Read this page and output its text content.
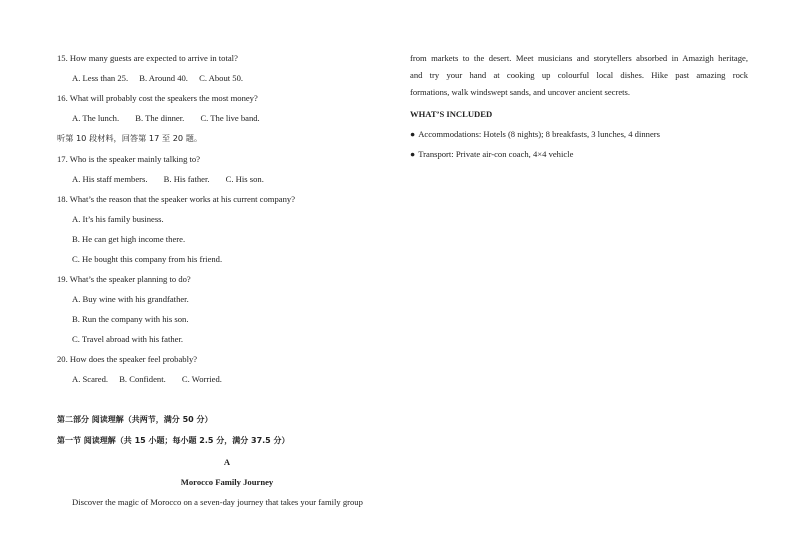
15. How many guests are expected to arrive in total?
A. Less than 25. B. Around 40. C. About 50.
16. What will probably cost the speakers the most money?
A. The lunch. B. The dinner. C. The live band.
听第 10 段材料，回答第 17 至 20 题。
17. Who is the speaker mainly talking to?
A. His staff members. B. His father. C. His son.
18. What’s the reason that the speaker works at his current company?
A. It’s his family business.
B. He can get high income there.
C. He bought this company from his friend.
19. What’s the speaker planning to do?
A. Buy wine with his grandfather.
B. Run the company with his son.
C. Travel abroad with his father.
20. How does the speaker feel probably?
A. Scared. B. Confident. C. Worried.
第二部分 阅读理解（共两节，满分 50 分）
第一节 阅读理解（共 15 小题；每小题 2.5 分，满分 37.5 分）
A
Morocco Family Journey
Discover the magic of Morocco on a seven-day journey that takes your family group
from markets to the desert. Meet musicians and storytellers absorbed in Amazigh heritage,
and try your hand at cooking up colourful local dishes. Hike past amazing rock
formations, walk windswept sands, and uncover ancient secrets.
WHAT’S INCLUDED
● Accommodations: Hotels (8 nights); 8 breakfasts, 3 lunches, 4 dinners
● Transport: Private air-con coach, 4×4 vehicle
